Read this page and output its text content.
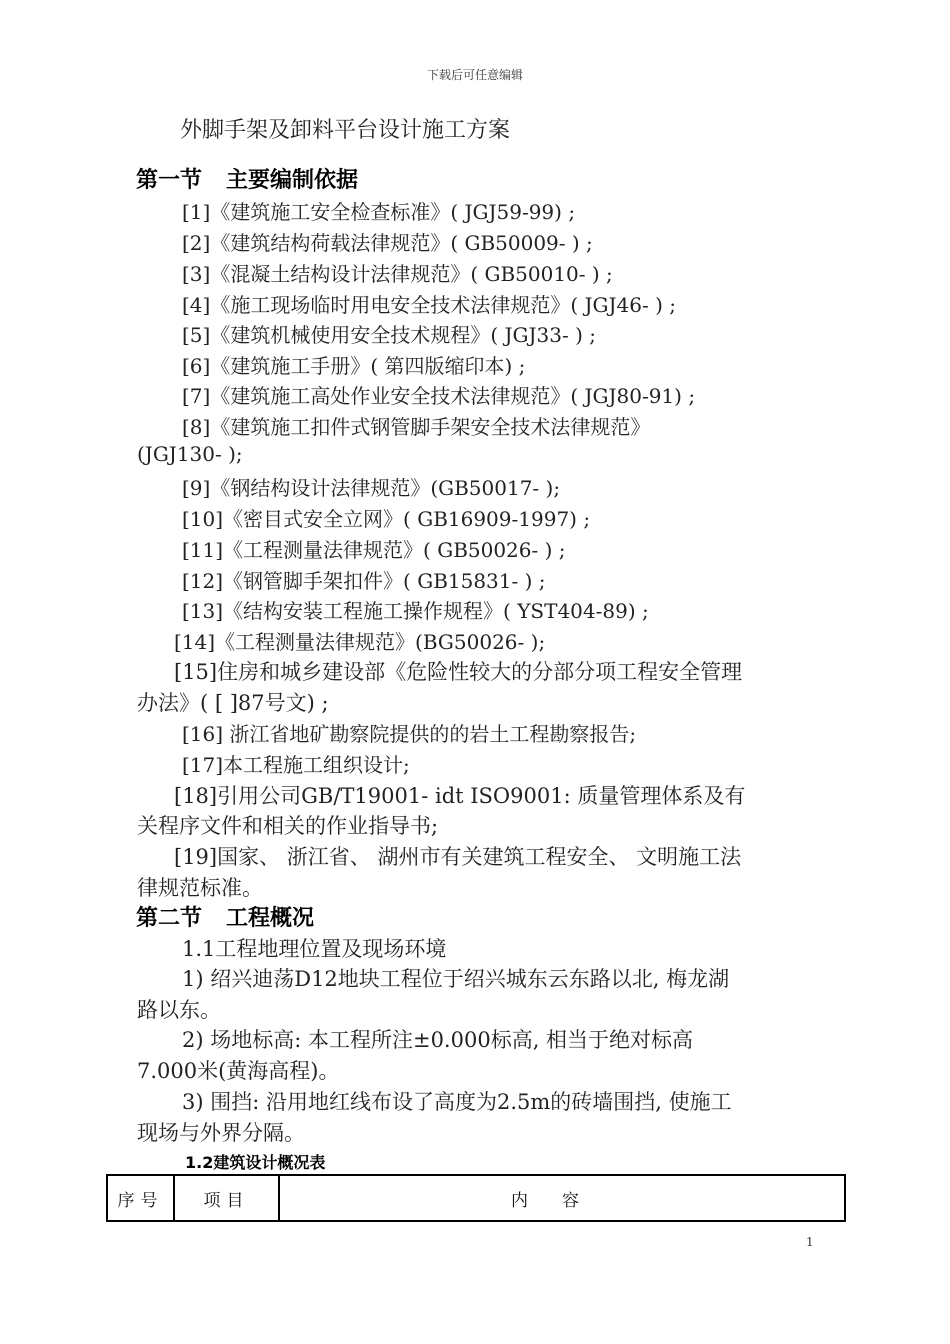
下载后可任意编辑
外脚手架及卸料平台设计施工方案
第一节 主要编制依据
[1]《建筑施工安全检查标准》( JGJ59-99) ;
[2]《建筑结构荷载法律规范》( GB50009- ) ;
[3]《混凝土结构设计法律规范》( GB50010- ) ;
[4]《施工现场临时用电安全技术法律规范》( JGJ46- ) ;
[5]《建筑机械使用安全技术规程》( JGJ33- ) ;
[6]《建筑施工手册》( 第四版缩印本) ;
[7]《建筑施工高处作业安全技术法律规范》( JGJ80-91) ;
[8]《建筑施工扣件式钢管脚手架安全技术法律规范》
(JGJ130- );
[9]《钢结构设计法律规范》(GB50017- );
[10]《密目式安全立网》( GB16909-1997) ;
[11]《工程测量法律规范》( GB50026- ) ;
[12]《钢管脚手架扣件》( GB15831- ) ;
[13]《结构安装工程施工操作规程》( YST404-89) ;
[14]《工程测量法律规范》(BG50026- );
[15]住房和城乡建设部《危险性较大的分部分项工程安全管理
办法》( [ ]87号文) ;
[16] 浙江省地矿勘察院提供的的岩土工程勘察报告;
[17]本工程施工组织设计;
[18]引用公司GB/T19001- idt ISO9001: 质量管理体系及有
关程序文件和相关的作业指导书;
[19]国家、 浙江省、 湖州市有关建筑工程安全、 文明施工法
律规范标准。
第二节 工程概况
1.1工程地理位置及现场环境
1) 绍兴迪荡D12地块工程位于绍兴城东云东路以北, 梅龙湖
路以东。
2) 场地标高: 本工程所注±0.000标高, 相当于绝对标高
7.000米(黄海高程)。
3) 围挡: 沿用地红线布设了高度为2.5m的砖墙围挡, 使施工
现场与外界分隔。
1.2建筑设计概况表
序号	项目	内容
1
